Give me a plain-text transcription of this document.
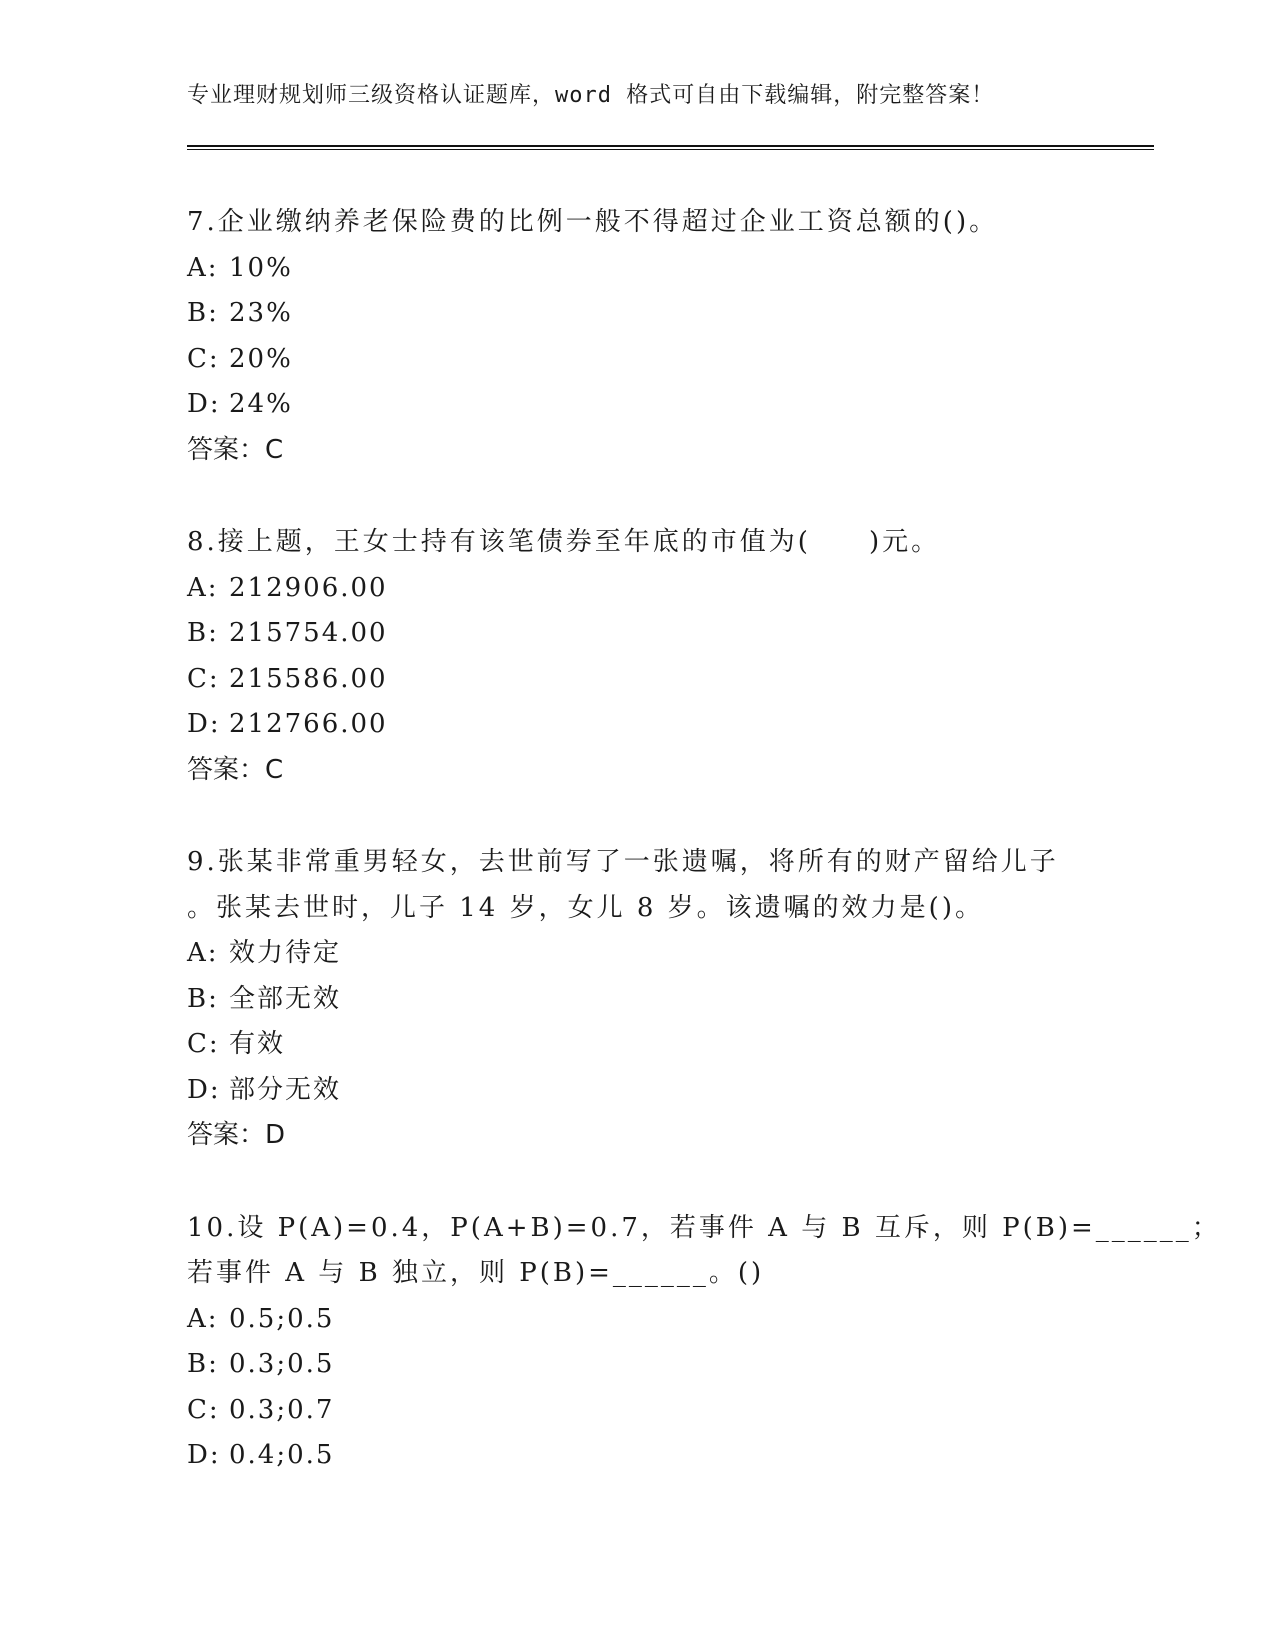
专业理财规划师三级资格认证题库，word 格式可自由下载编辑，附完整答案！
7.企业缴纳养老保险费的比例一般不得超过企业工资总额的()。
A: 10%
B: 23%
C: 20%
D: 24%
答案：C
8.接上题，王女士持有该笔债券至年底的市值为(　　)元。
A: 212906.00
B: 215754.00
C: 215586.00
D: 212766.00
答案：C
9.张某非常重男轻女，去世前写了一张遗嘱，将所有的财产留给儿子
。张某去世时，儿子 14 岁，女儿 8 岁。该遗嘱的效力是()。
A: 效力待定
B: 全部无效
C: 有效
D: 部分无效
答案：D
10.设 P(A)=0.4，P(A+B)=0.7，若事件 A 与 B 互斥，则 P(B)=______；
若事件 A 与 B 独立，则 P(B)=______。()
A: 0.5;0.5
B: 0.3;0.5
C: 0.3;0.7
D: 0.4;0.5
